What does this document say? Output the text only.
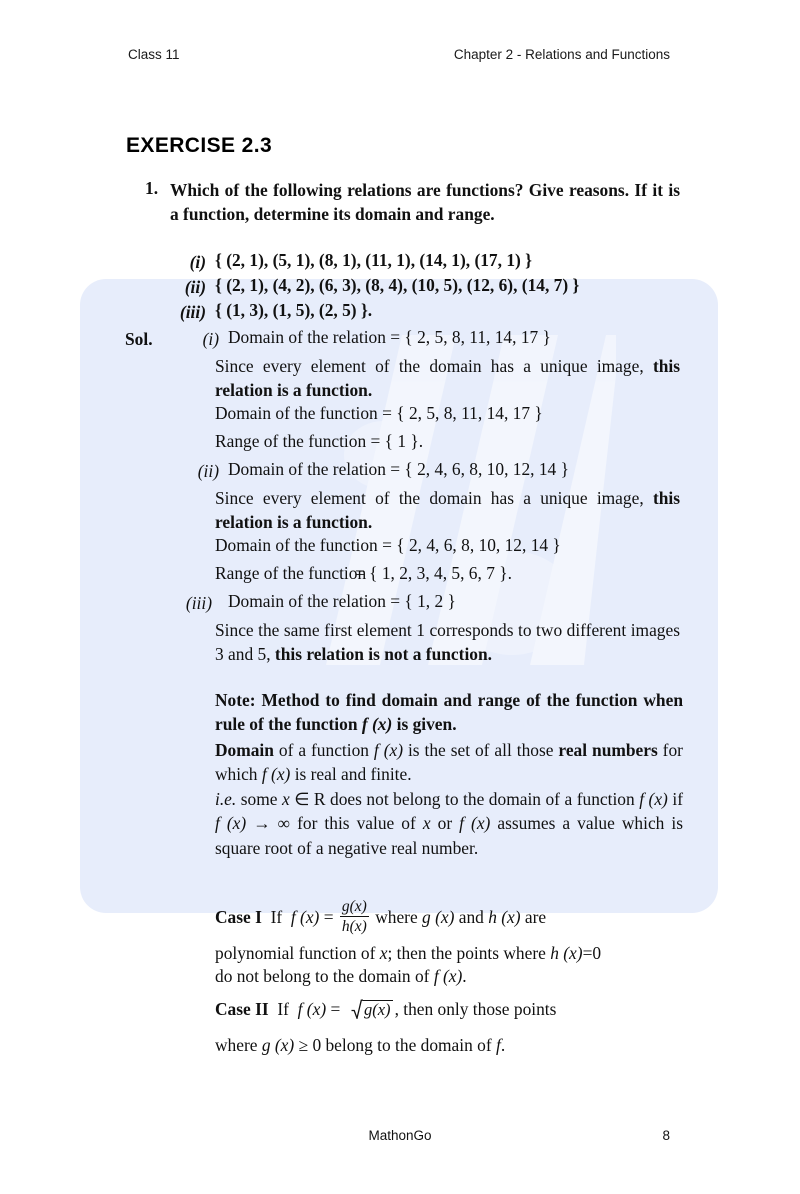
Class 11	Chapter 2 - Relations and Functions
EXERCISE 2.3
1. Which of the following relations are functions? Give reasons. If it is a function, determine its domain and range.
(i) { (2, 1), (5, 1), (8, 1), (11, 1), (14, 1), (17, 1) }
(ii) { (2, 1), (4, 2), (6, 3), (8, 4), (10, 5), (12, 6), (14, 7) }
(iii) { (1, 3), (1, 5), (2, 5) }.
Sol.	(i) Domain of the relation = { 2, 5, 8, 11, 14, 17 }
Since every element of the domain has a unique image, this relation is a function.
Domain of the function = { 2, 5, 8, 11, 14, 17 }
Range of the function = { 1 }.
(ii) Domain of the relation = { 2, 4, 6, 8, 10, 12, 14 }
Since every element of the domain has a unique image, this relation is a function.
Domain of the function = { 2, 4, 6, 8, 10, 12, 14 }
Range of the function
= { 1, 2, 3, 4, 5, 6, 7 }.
(iii) Domain of the relation = { 1, 2 }
Since the same first element 1 corresponds to two different images 3 and 5, this relation is not a function.
Note: Method to find domain and range of the function when rule of the function f (x) is given.
Domain of a function f (x) is the set of all those real numbers for which f (x) is real and finite.
i.e. some x ∈ R does not belong to the domain of a function f (x) if f (x) → ∞ for this value of x or f (x) assumes a value which is square root of a negative real number.
Case I If f $(x) = \frac{g(x)}{h(x)}$ where g (x) and h (x) are
polynomial function of x; then the points where h (x)=0
do not belong to the domain of f (x).
Case II If f (x) = g(x) , then only those points
where g (x) ≥ 0 belong to the domain of f.
MathonGo	8
